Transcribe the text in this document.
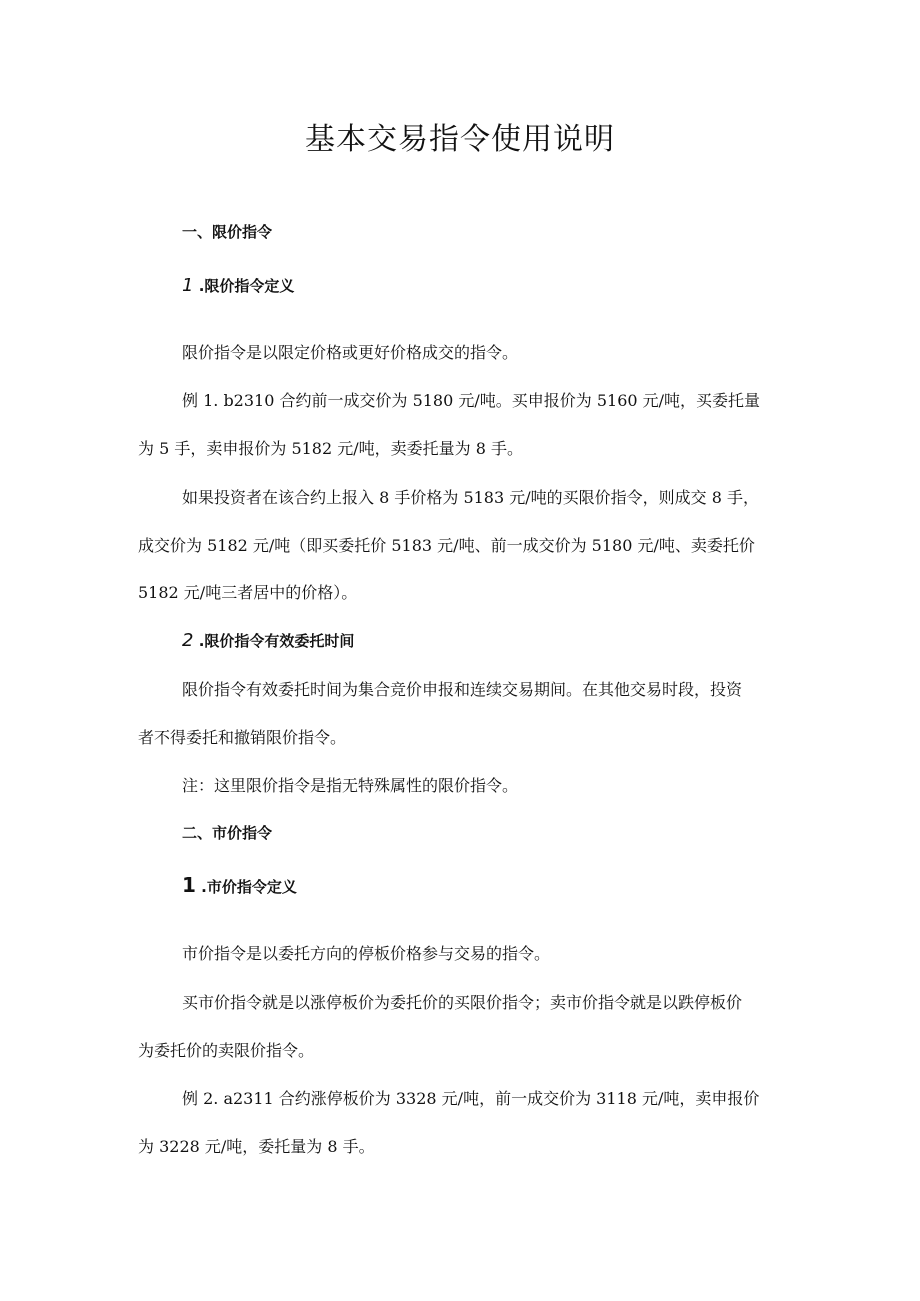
基本交易指令使用说明

一、限价指令

1 .限价指令定义

限价指令是以限定价格或更好价格成交的指令。

例 1. b2310 合约前一成交价为 5180 元/吨。买申报价为 5160 元/吨，买委托量

为 5 手，卖申报价为 5182 元/吨，卖委托量为 8 手。

如果投资者在该合约上报入 8 手价格为 5183 元/吨的买限价指令，则成交 8 手，

成交价为 5182 元/吨（即买委托价 5183 元/吨、前一成交价为 5180 元/吨、卖委托价

5182 元/吨三者居中的价格）。

2 .限价指令有效委托时间

限价指令有效委托时间为集合竞价申报和连续交易期间。在其他交易时段，投资

者不得委托和撤销限价指令。

注：这里限价指令是指无特殊属性的限价指令。

二、市价指令

1 .市价指令定义

市价指令是以委托方向的停板价格参与交易的指令。

买市价指令就是以涨停板价为委托价的买限价指令；卖市价指令就是以跌停板价

为委托价的卖限价指令。

例 2. a2311 合约涨停板价为 3328 元/吨，前一成交价为 3118 元/吨，卖申报价

为 3228 元/吨，委托量为 8 手。
